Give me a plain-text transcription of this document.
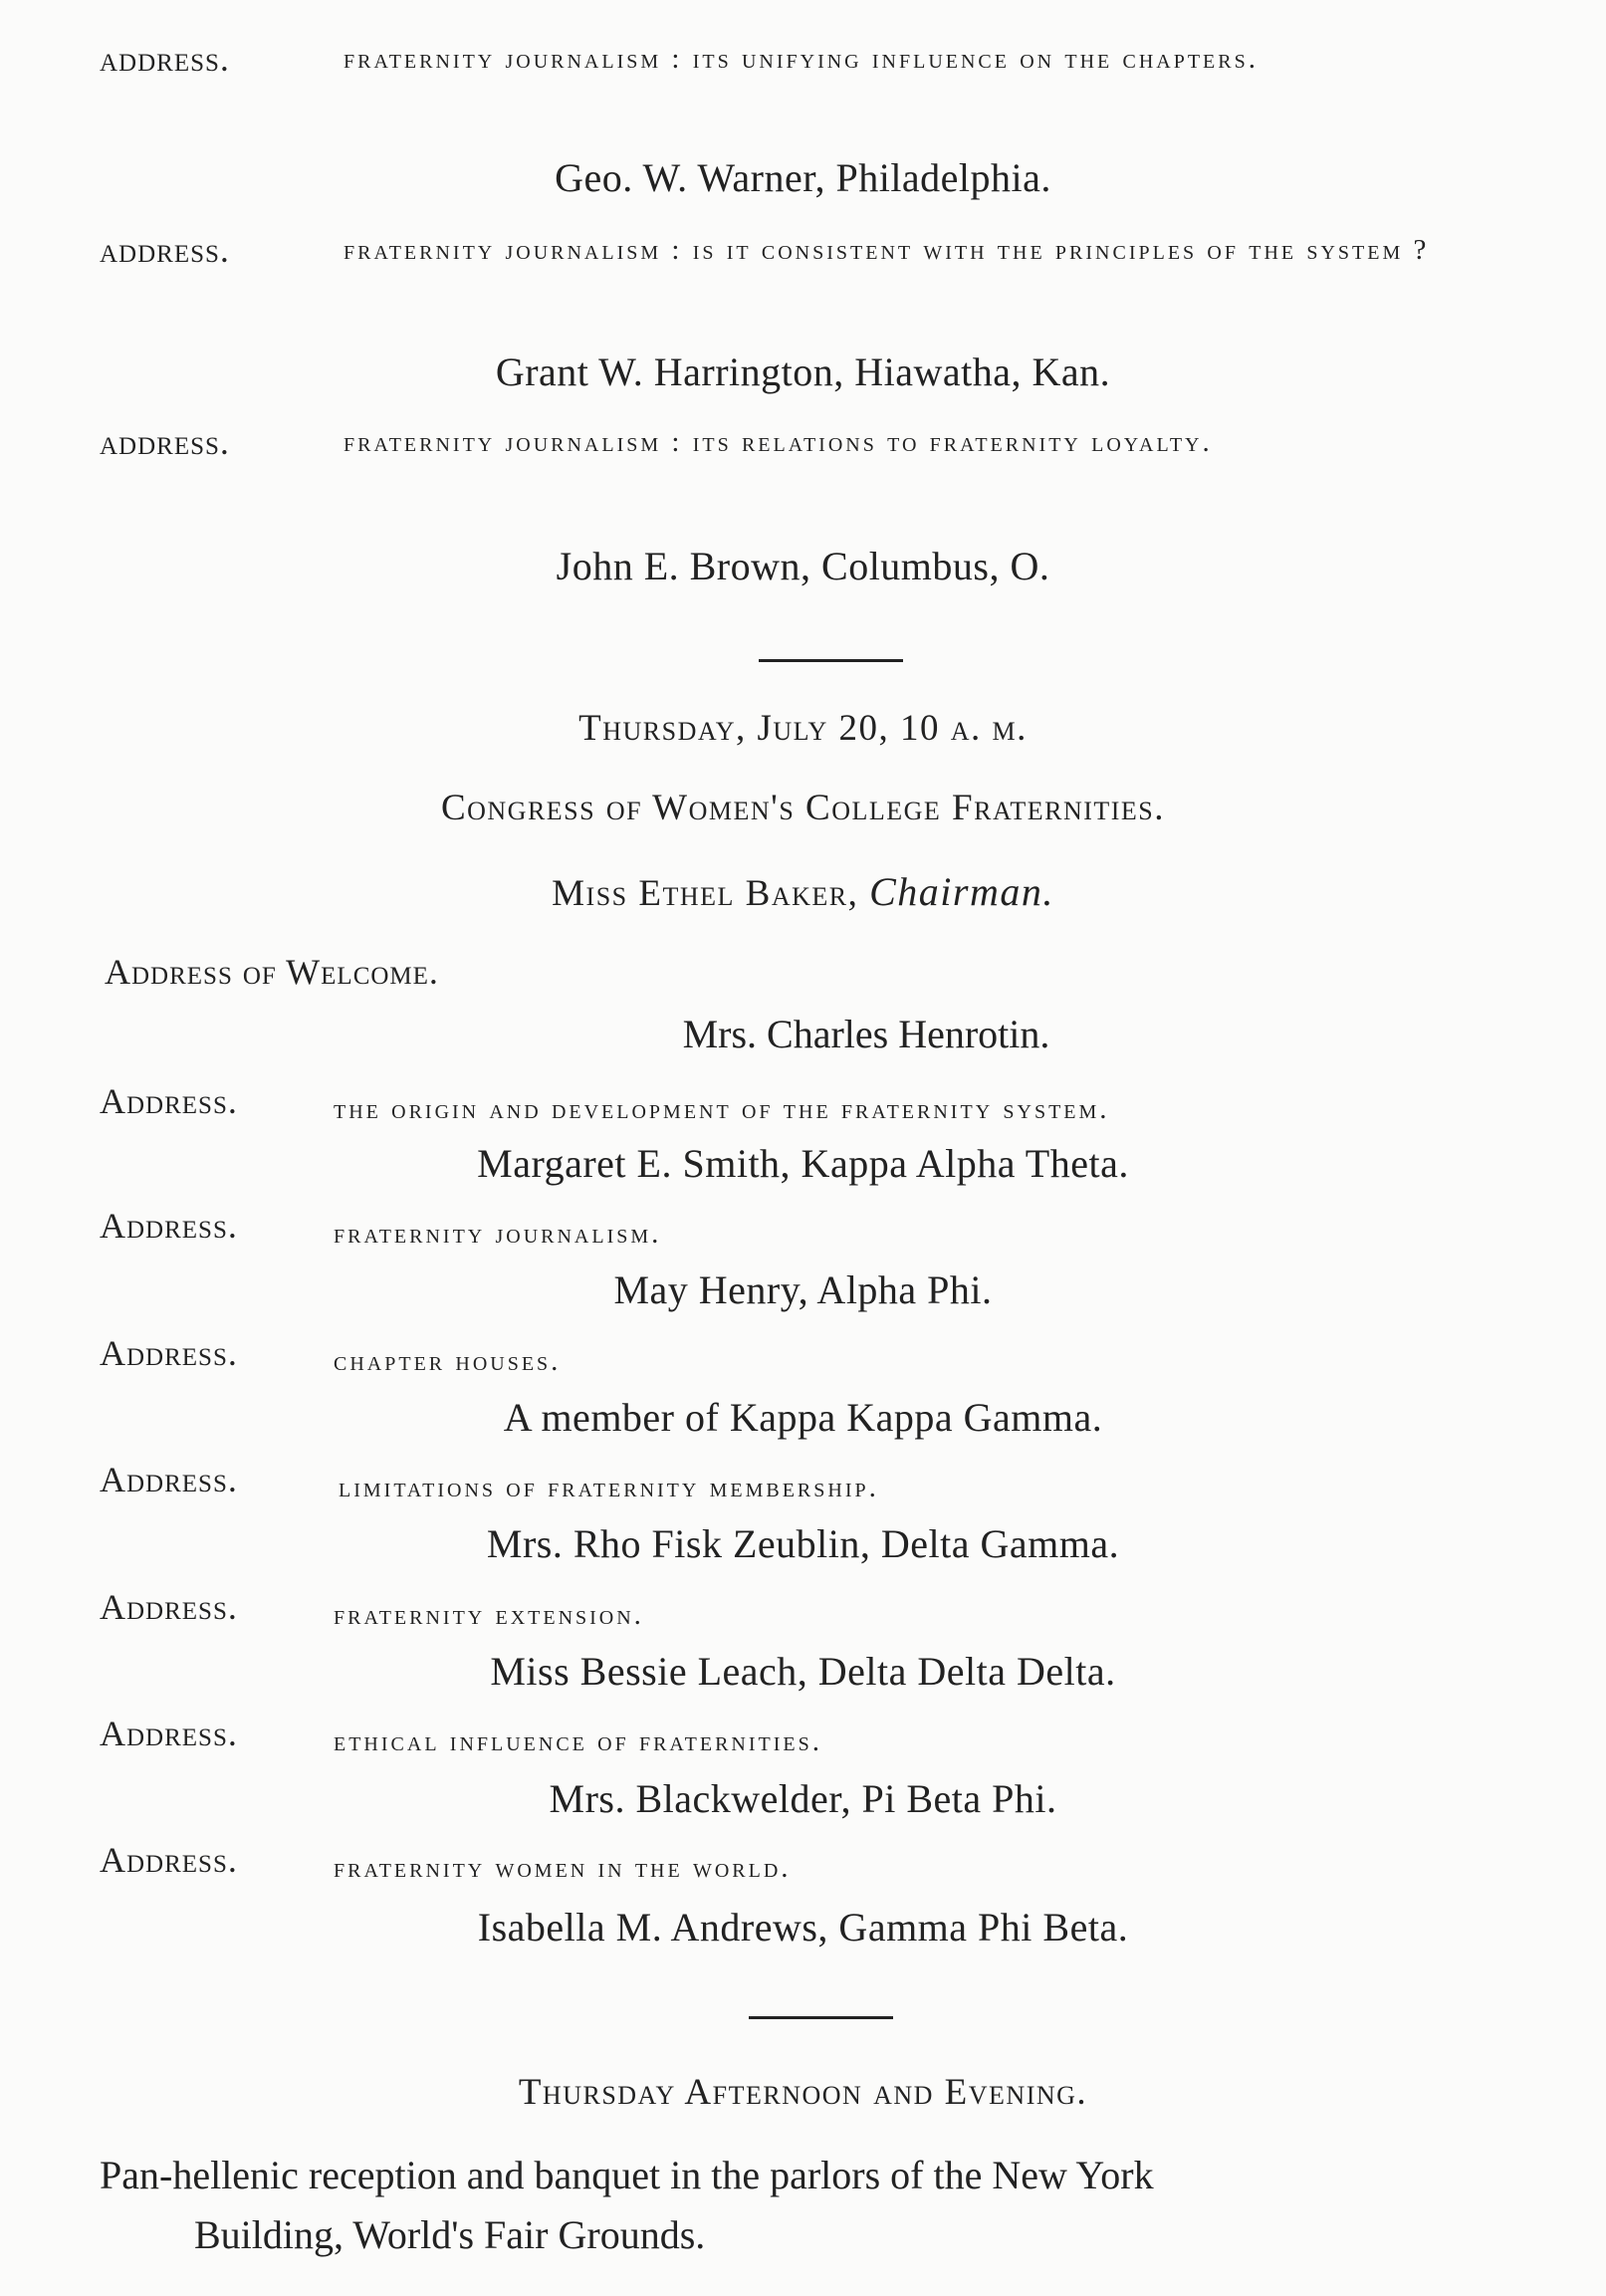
address.	fraternity journalism : its unifying influence on the chapters.
Geo. W. Warner, Philadelphia.
address.	fraternity journalism : is it consistent with the principles of the system ?
Grant W. Harrington, Hiawatha, Kan.
address.	fraternity journalism : its relations to fraternity loyalty.
John E. Brown, Columbus, O.
Thursday, July 20, 10 a. m.
Congress of Women's College Fraternities.
Miss Ethel Baker, Chairman.
Address of Welcome.
Mrs. Charles Henrotin.
Address.	the origin and development of the fraternity system.
Margaret E. Smith, Kappa Alpha Theta.
Address.	fraternity journalism.
May Henry, Alpha Phi.
Address.	chapter houses.
A member of Kappa Kappa Gamma.
Address.	limitations of fraternity membership.
Mrs. Rho Fisk Zeublin, Delta Gamma.
Address.	fraternity extension.
Miss Bessie Leach, Delta Delta Delta.
Address.	ethical influence of fraternities.
Mrs. Blackwelder, Pi Beta Phi.
Address.	fraternity women in the world.
Isabella M. Andrews, Gamma Phi Beta.
Thursday Afternoon and Evening.
Pan-hellenic reception and banquet in the parlors of the New York
Building, World's Fair Grounds.
